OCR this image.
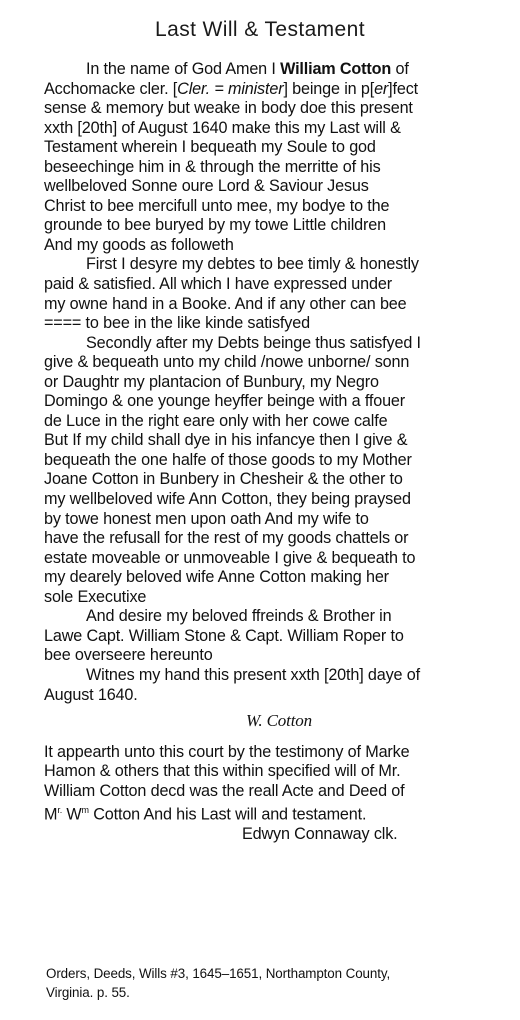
Last Will & Testament
In the name of God Amen I William Cotton of
Acchomacke cler. [Cler. = minister] beinge in p[er]fect
sense & memory but weake in body doe this present
xxth [20th] of August 1640 make this my Last will &
Testament wherein I bequeath my Soule to god
beseechinge him in & through the merritte of his
wellbeloved Sonne oure Lord & Saviour Jesus
Christ to bee mercifull unto mee, my bodye to the
grounde to bee buryed by my towe Little children
And my goods as followeth
First I desyre my debtes to bee timly & honestly
paid & satisfied. All which I have expressed under
my owne hand in a Booke. And if any other can bee
==== to bee in the like kinde satisfyed
Secondly after my Debts beinge thus satisfyed I
give & bequeath unto my child /nowe unborne/ sonn
or Daughtr my plantacion of Bunbury, my Negro
Domingo & one younge heyffer beinge with a ffouer
de Luce in the right eare only with her cowe calfe
But If my child shall dye in his infancye then I give &
bequeath the one halfe of those goods to my Mother
Joane Cotton in Bunbery in Chesheir & the other to
my wellbeloved wife Ann Cotton, they being praysed
by towe honest men upon oath And my wife to
have the refusall for the rest of my goods chattels or
estate moveable or unmoveable I give & bequeath to
my dearely beloved wife Anne Cotton making her
sole Executixe
And desire my beloved ffreinds & Brother in
Lawe Capt. William Stone & Capt. William Roper to
bee overseere hereunto
Witnes my hand this present xxth [20th] daye of
August 1640.
W. Cotton
It appearth unto this court by the testimony of Marke
Hamon & others that this within specified will of Mr.
William Cotton decd was the reall Acte and Deed of
$M^{r.}$ $W^m$ Cotton And his Last will and testament.
Edwyn Connaway clk.
Orders, Deeds, Wills #3, 1645–1651, Northampton County,
Virginia. p. 55.
